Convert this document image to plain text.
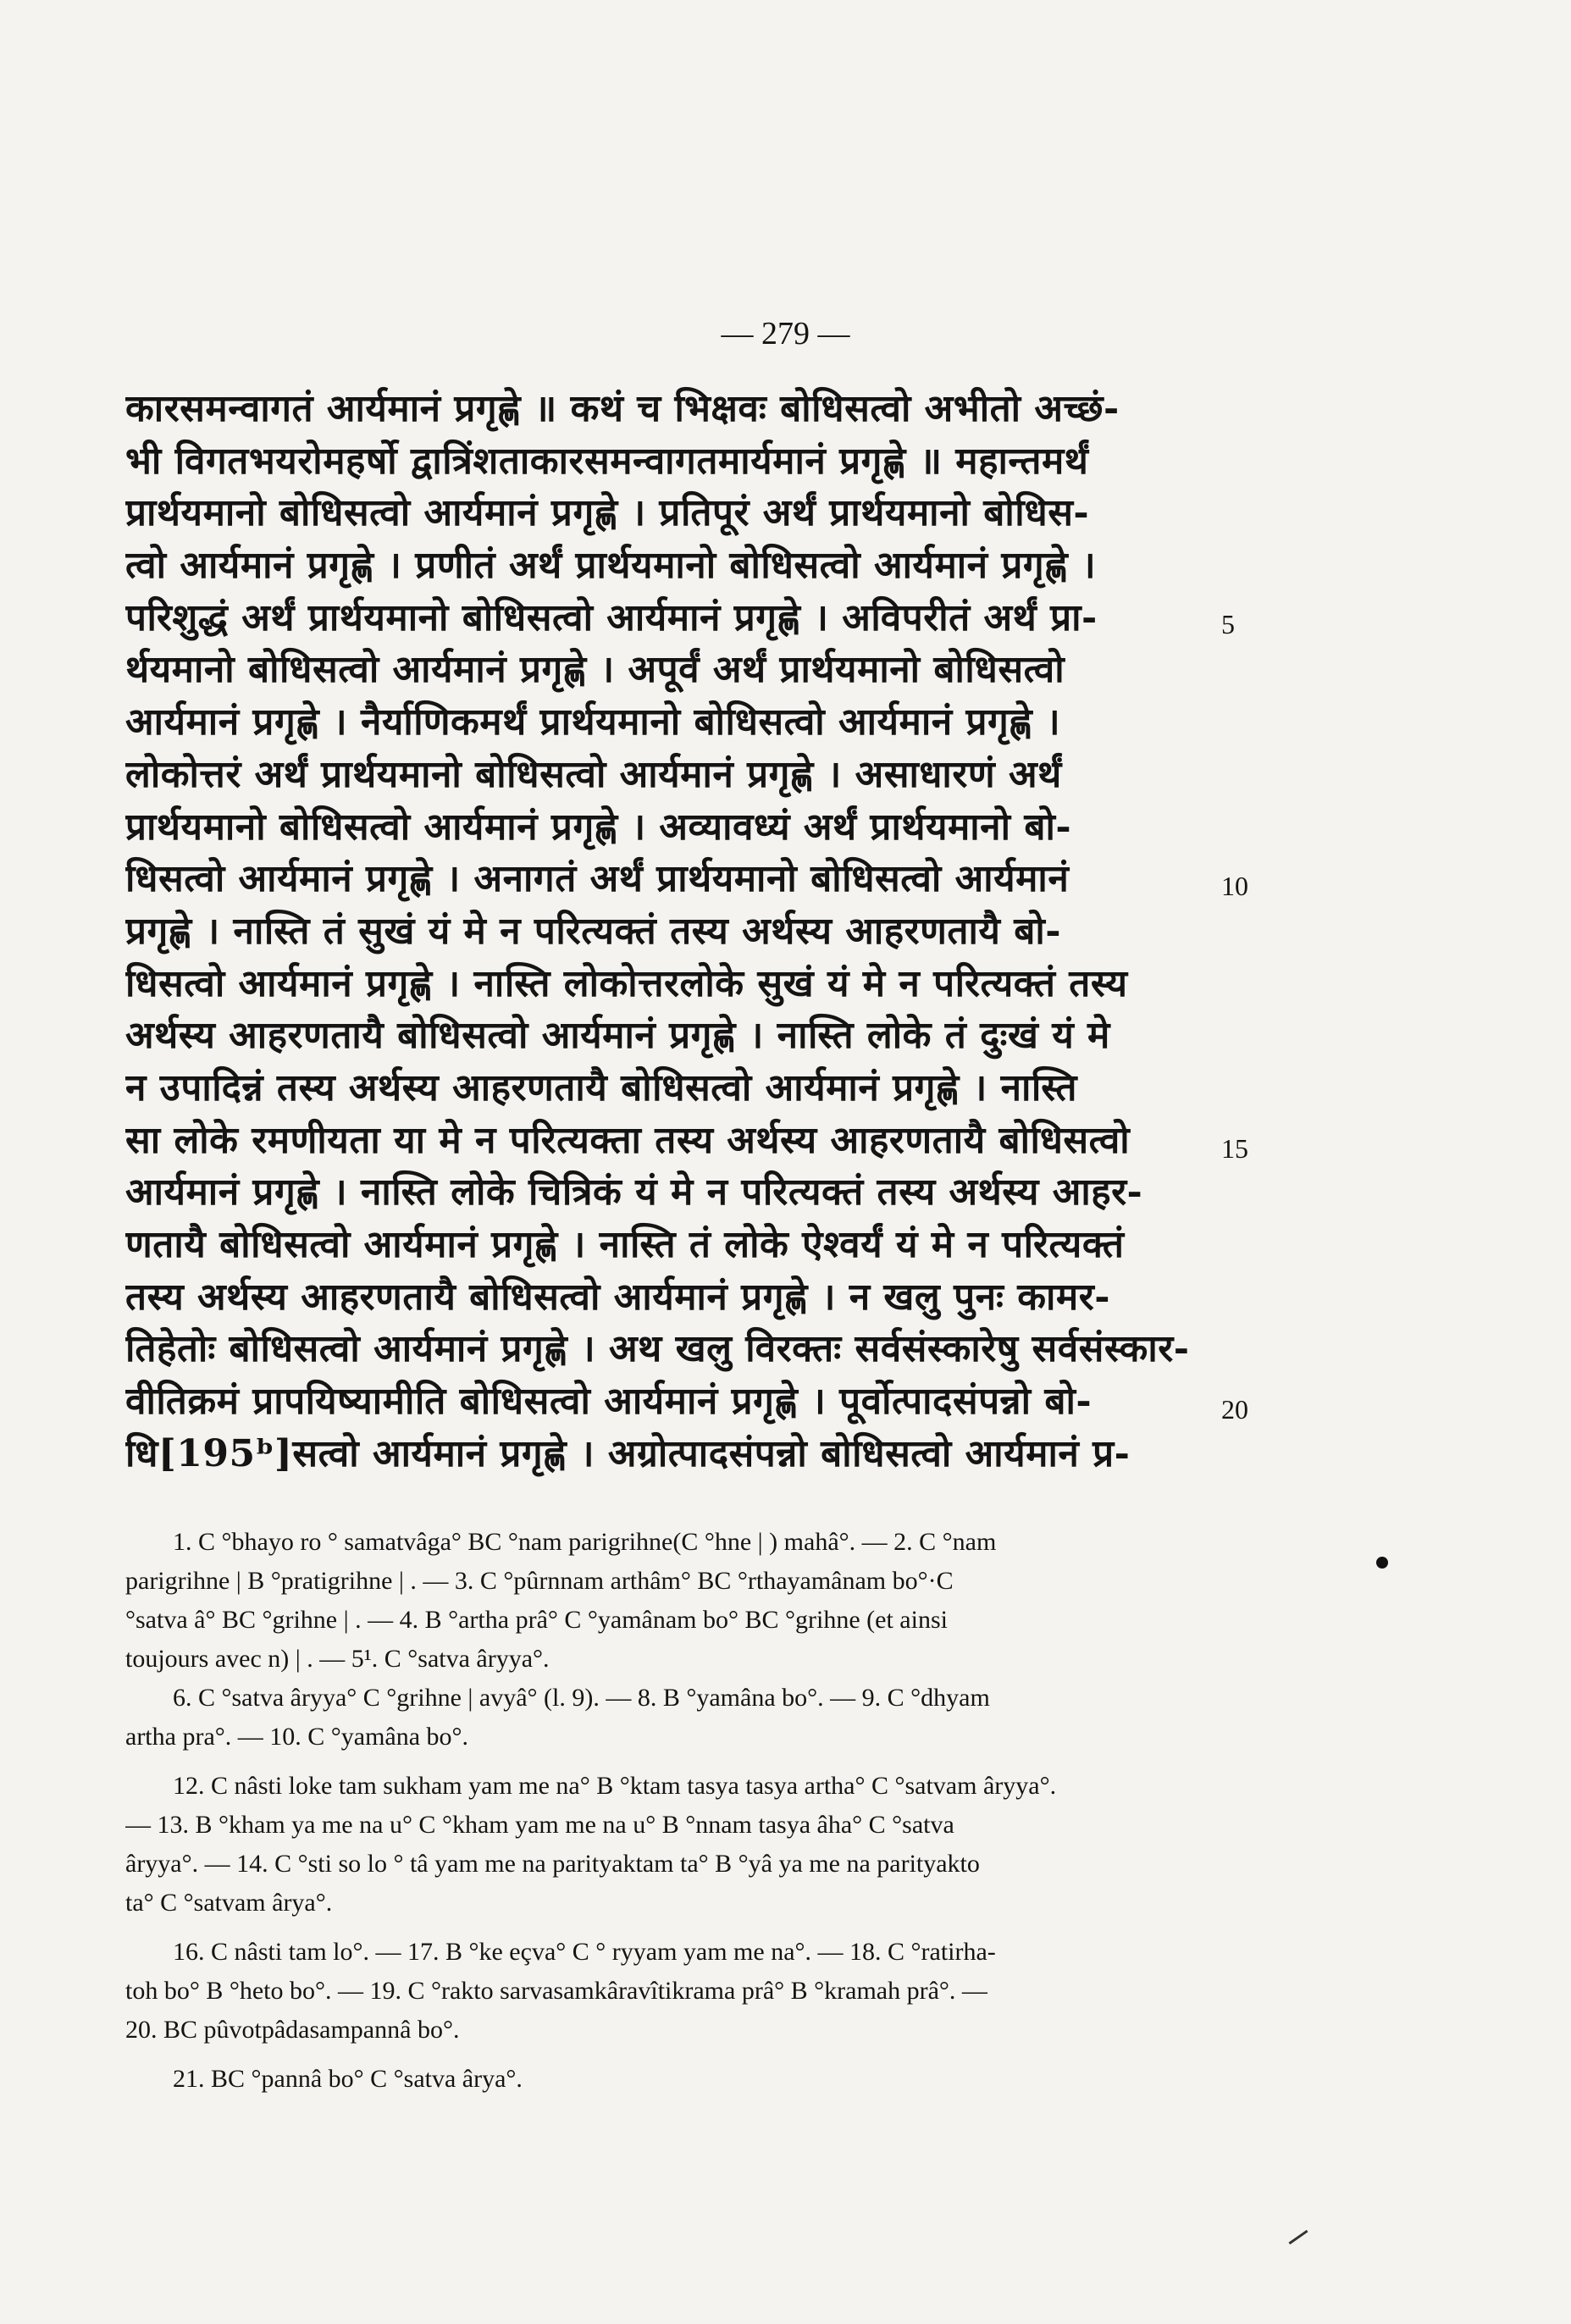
— 279 —
कारसमन्वागतं आर्यमानं प्रगृह्णे ॥ कथं च भिक्षवः बोधिसत्वो अभीतो अच्छं-
भी विगतभयरोमहर्षो द्वात्रिंशताकारसमन्वागतमार्यमानं प्रगृह्णे ॥ महान्तमर्थं
प्रार्थयमानो बोधिसत्वो आर्यमानं प्रगृह्णे । प्रतिपूरं अर्थं प्रार्थयमानो बोधिस-
त्वो आर्यमानं प्रगृह्णे । प्रणीतं अर्थं प्रार्थयमानो बोधिसत्वो आर्यमानं प्रगृह्णे ।
परिशुद्धं अर्थं प्रार्थयमानो बोधिसत्वो आर्यमानं प्रगृह्णे । अविपरीतं अर्थं प्रा-
र्थयमानो बोधिसत्वो आर्यमानं प्रगृह्णे । अपूर्वं अर्थं प्रार्थयमानो बोधिसत्वो
आर्यमानं प्रगृह्णे । नैर्याणिकमर्थं प्रार्थयमानो बोधिसत्वो आर्यमानं प्रगृह्णे ।
लोकोत्तरं अर्थं प्रार्थयमानो बोधिसत्वो आर्यमानं प्रगृह्णे । असाधारणं अर्थं
प्रार्थयमानो बोधिसत्वो आर्यमानं प्रगृह्णे । अव्यावध्यं अर्थं प्रार्थयमानो बो-
धिसत्वो आर्यमानं प्रगृह्णे । अनागतं अर्थं प्रार्थयमानो बोधिसत्वो आर्यमानं
प्रगृह्णे । नास्ति तं सुखं यं मे न परित्यक्तं तस्य अर्थस्य आहरणतायै बो-
धिसत्वो आर्यमानं प्रगृह्णे । नास्ति लोकोत्तरलोके सुखं यं मे न परित्यक्तं तस्य
अर्थस्य आहरणतायै बोधिसत्वो आर्यमानं प्रगृह्णे । नास्ति लोके तं दुःखं यं मे
न उपादिन्नं तस्य अर्थस्य आहरणतायै बोधिसत्वो आर्यमानं प्रगृह्णे । नास्ति
सा लोके रमणीयता या मे न परित्यक्ता तस्य अर्थस्य आहरणतायै बोधिसत्वो
आर्यमानं प्रगृह्णे । नास्ति लोके चित्रिकं यं मे न परित्यक्तं तस्य अर्थस्य आहर-
णतायै बोधिसत्वो आर्यमानं प्रगृह्णे । नास्ति तं लोके ऐश्वर्यं यं मे न परित्यक्तं
तस्य अर्थस्य आहरणतायै बोधिसत्वो आर्यमानं प्रगृह्णे । न खलु पुनः कामर-
तिहेतोः बोधिसत्वो आर्यमानं प्रगृह्णे । अथ खलु विरक्तः सर्वसंस्कारेषु सर्वसंस्कार-
वीतिक्रमं प्रापयिष्यामीति बोधिसत्वो आर्यमानं प्रगृह्णे । पूर्वोत्पादसंपन्नो बो-
धि[195ᵇ]सत्वो आर्यमानं प्रगृह्णे । अग्रोत्पादसंपन्नो बोधिसत्वो आर्यमानं प्र-
5
10
15
20
1. C °bhayo ro ° samatvâga° BC °nam parigrihne(C °hne | ) mahâ°. — 2. C °nam
parigrihne | B °pratigrihne | . — 3. C °pûrnnam arthâm° BC °rthayamânam bo°·C
°satva â° BC °grihne | . — 4. B °artha prâ° C °yamânam bo° BC °grihne (et ainsi
toujours avec n) | . — 5¹. C °satva âryya°.
6. C °satva âryya° C °grihne | avyâ° (l. 9). — 8. B °yamâna bo°. — 9. C °dhyam
artha pra°. — 10. C °yamâna bo°.
12. C nâsti loke tam sukham yam me na° B °ktam tasya tasya artha° C °satvam âryya°.
— 13. B °kham ya me na u° C °kham yam me na u° B °nnam tasya âha° C °satva
âryya°. — 14. C °sti so lo ° tâ yam me na parityaktam ta° B °yâ ya me na parityakto
ta° C °satvam ârya°.
16. C nâsti tam lo°. — 17. B °ke eçva° C ° ryyam yam me na°. — 18. C °ratirha-
toh bo° B °heto bo°. — 19. C °rakto sarvasamkâravîtikrama prâ° B °kramah prâ°. —
20. BC pûvotpâdasampannâ bo°.
21. BC °pannâ bo° C °satva ârya°.
